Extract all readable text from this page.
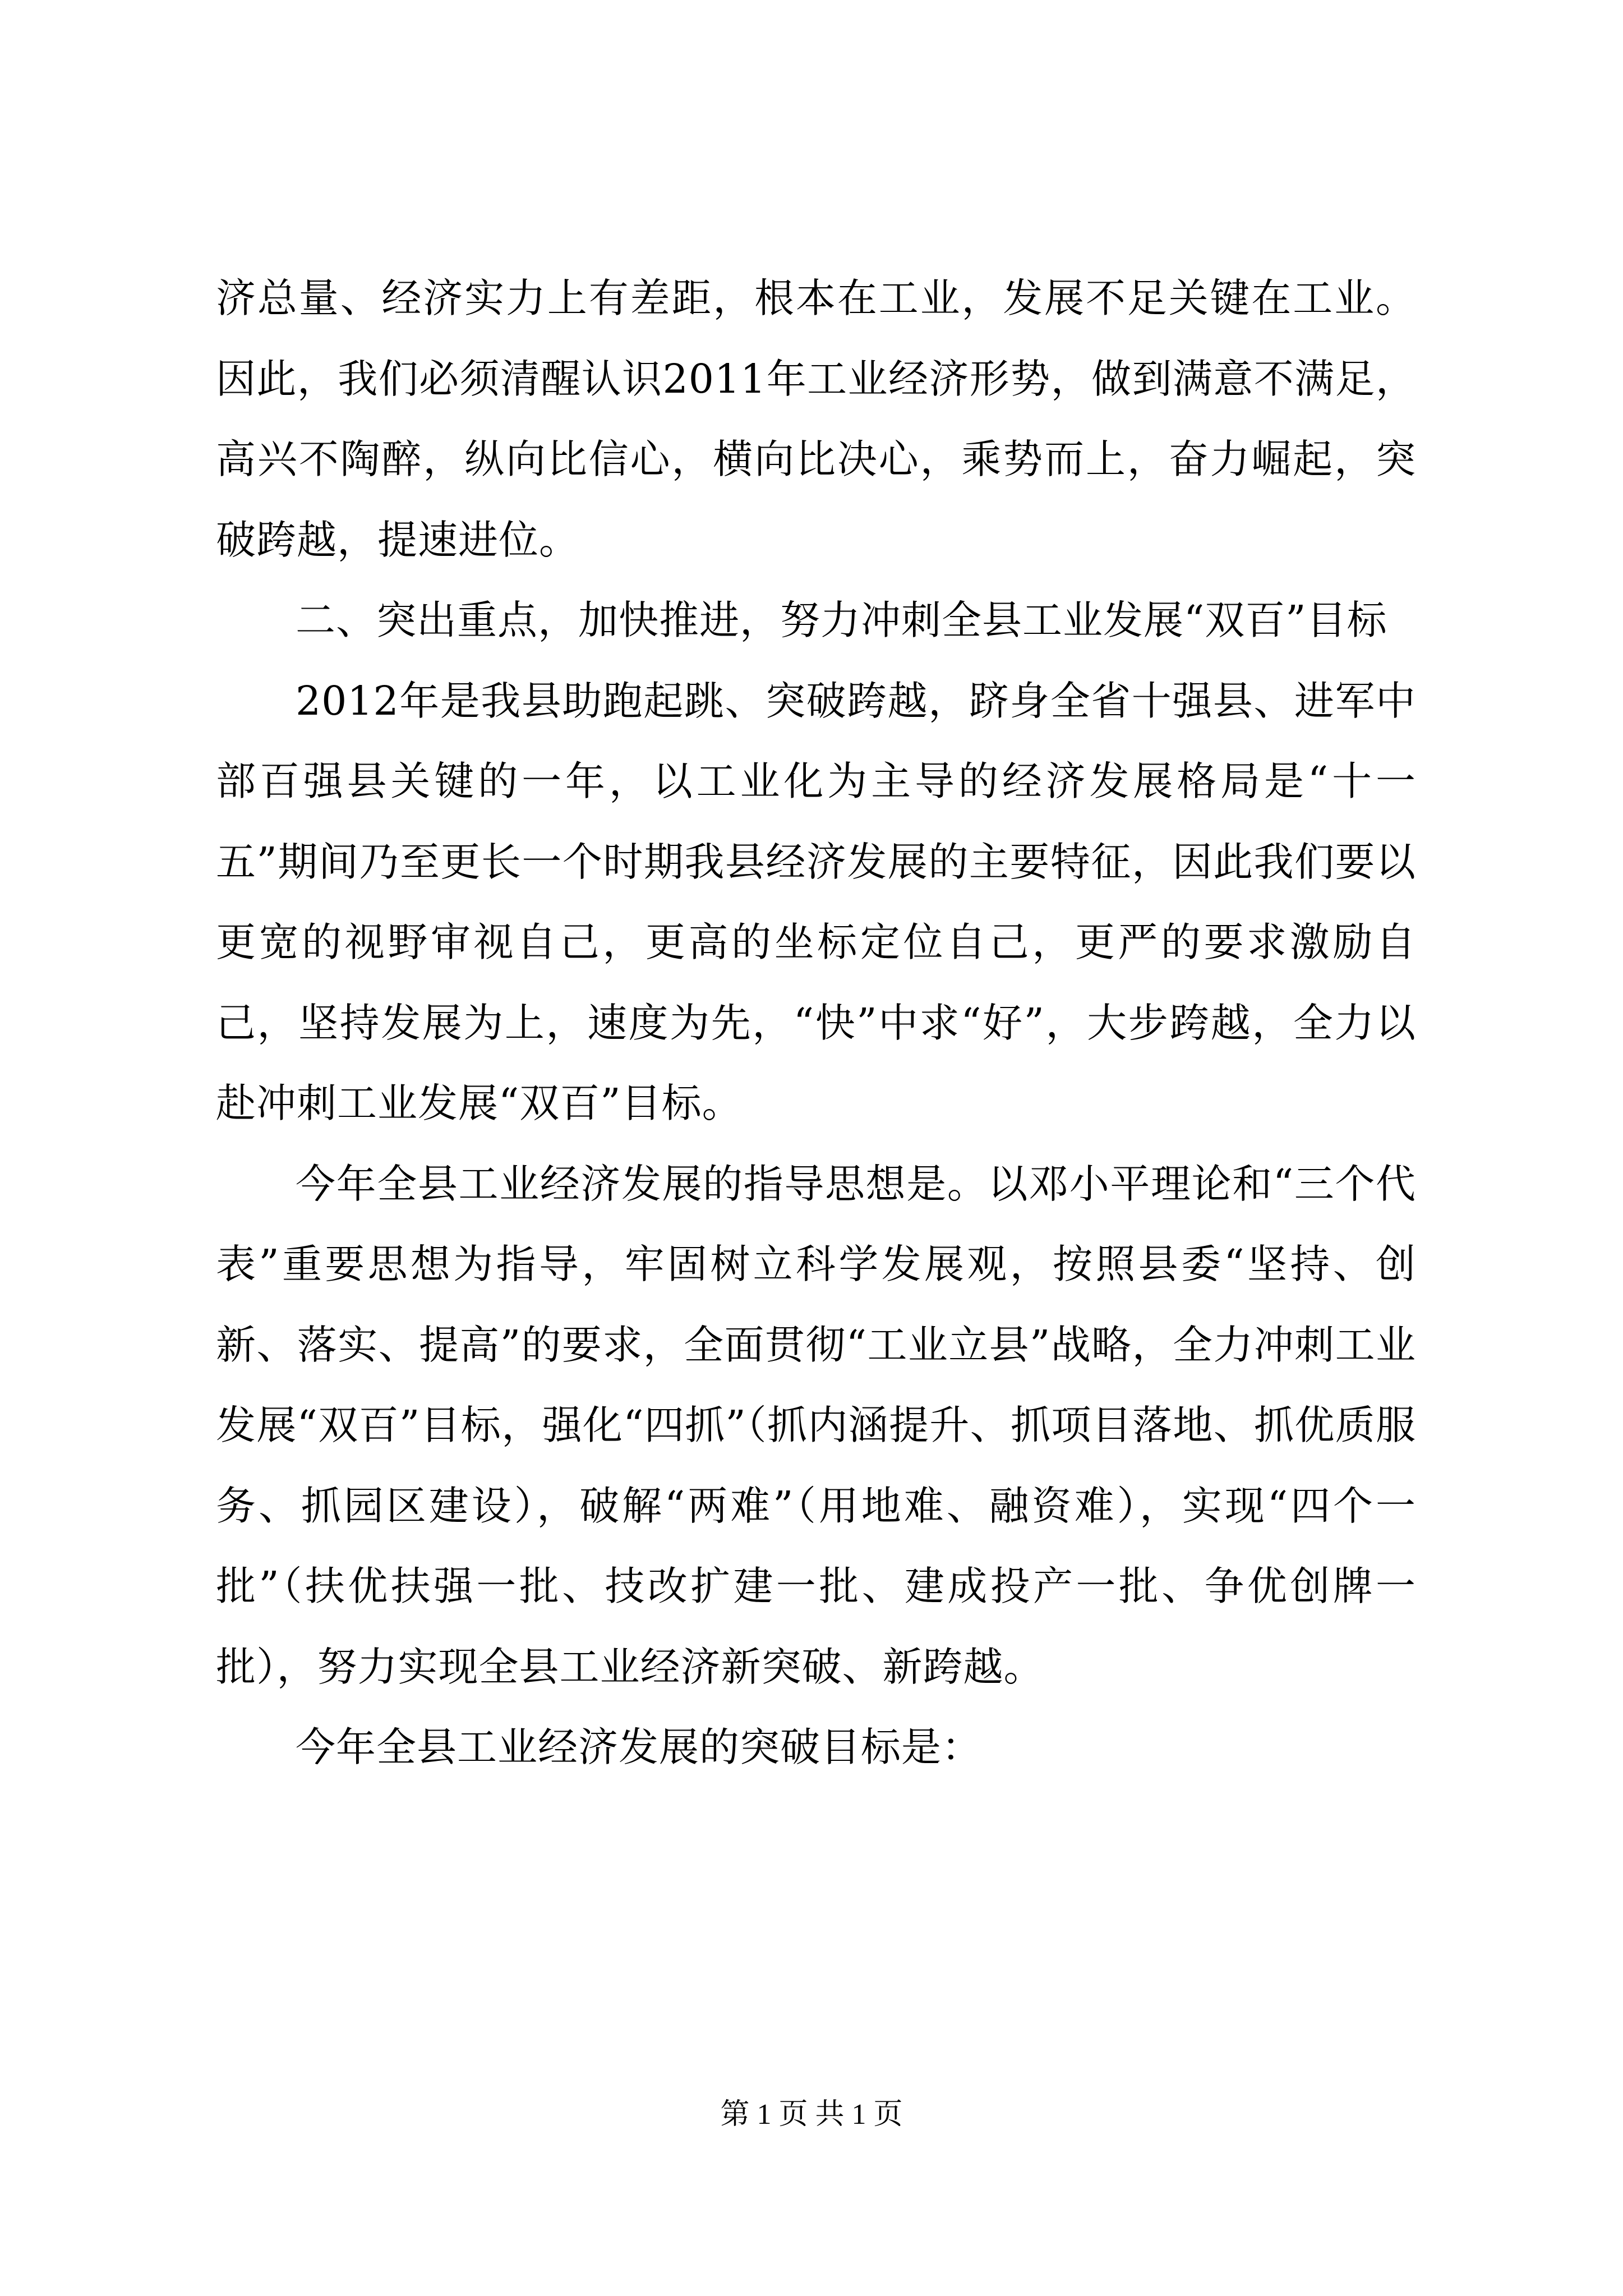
济总量、经济实力上有差距，根本在工业，发展不足关键在工业。因此，我们必须清醒认识2011年工业经济形势，做到满意不满足，高兴不陶醉，纵向比信心，横向比决心，乘势而上，奋力崛起，突破跨越，提速进位。

二、突出重点，加快推进，努力冲刺全县工业发展“双百”目标

2012年是我县助跑起跳、突破跨越，跻身全省十强县、进军中部百强县关键的一年，以工业化为主导的经济发展格局是“十一五”期间乃至更长一个时期我县经济发展的主要特征，因此我们要以更宽的视野审视自己，更高的坐标定位自己，更严的要求激励自己，坚持发展为上，速度为先，“快”中求“好”，大步跨越，全力以赴冲刺工业发展“双百”目标。

今年全县工业经济发展的指导思想是。以邓小平理论和“三个代表”重要思想为指导，牢固树立科学发展观，按照县委“坚持、创新、落实、提高”的要求，全面贯彻“工业立县”战略，全力冲刺工业发展“双百”目标，强化“四抓”（抓内涵提升、抓项目落地、抓优质服务、抓园区建设），破解“两难”（用地难、融资难），实现“四个一批”（扶优扶强一批、技改扩建一批、建成投产一批、争优创牌一批），努力实现全县工业经济新突破、新跨越。

今年全县工业经济发展的突破目标是：

第 1 页 共 1 页
